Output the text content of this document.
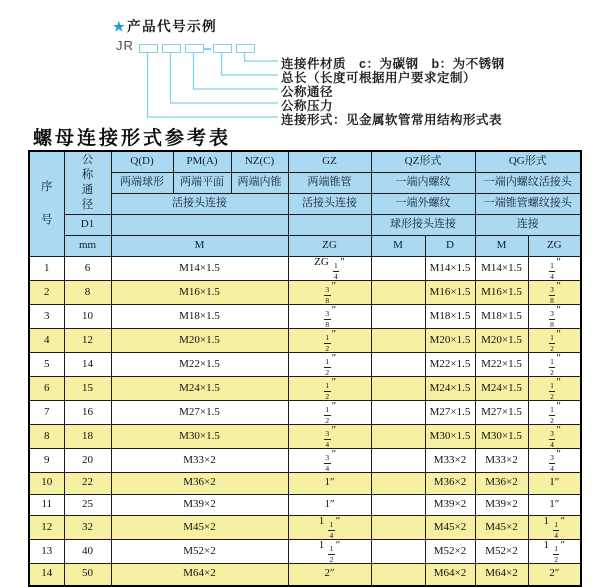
★产品代号示例
JR
连接件材质　c：为碳钢　b：为不锈钢
总长（长度可根据用户要求定制）
公称通径
公称压力
连接形式：见金属软管常用结构形式表
螺母连接形式参考表
序号	公称通径	Q(D)	PM(A)	NZ(C)	GZ	QZ形式		QG形式	
		两端球形	两端平面	两端内锥	两端锥管	一端内螺纹		一端内螺纹活接头	
		活接头连接			活接头连接	一端外螺纹		一端锥管螺纹接头	
	D1					球形接头连接		连接	
	mm	M			ZG	M	D	M	ZG
1	6	M14×1.5			ZG $\frac{1}{4}$ ″		M14×1.5	M14×1.5	$\frac{1}{4}$ ″
2	8	M16×1.5			$\frac{3}{8}$ ″		M16×1.5	M16×1.5	$\frac{3}{8}$ ″
3	10	M18×1.5			$\frac{3}{8}$ ″		M18×1.5	M18×1.5	$\frac{3}{8}$ ″
4	12	M20×1.5			$\frac{1}{2}$ ″		M20×1.5	M20×1.5	$\frac{1}{2}$ ″
5	14	M22×1.5			$\frac{1}{2}$ ″		M22×1.5	M22×1.5	$\frac{1}{2}$ ″
6	15	M24×1.5			$\frac{1}{2}$ ″		M24×1.5	M24×1.5	$\frac{1}{2}$ ″
7	16	M27×1.5			$\frac{1}{2}$ ″		M27×1.5	M27×1.5	$\frac{1}{2}$ ″
8	18	M30×1.5			$\frac{3}{4}$ ″		M30×1.5	M30×1.5	$\frac{3}{4}$ ″
9	20	M33×2			$\frac{3}{4}$ ″		M33×2	M33×2	$\frac{3}{4}$ ″
10	22	M36×2			1″		M36×2	M36×2	1″
11	25	M39×2			1″		M39×2	M39×2	1″
12	32	M45×2			$1 \frac{1}{4}$ ″		M45×2	M45×2	$1 \frac{1}{4}$ ″
13	40	M52×2			$1 \frac{1}{2}$ ″		M52×2	M52×2	$1 \frac{1}{2}$ ″
14	50	M64×2			2″		M64×2	M64×2	2″
